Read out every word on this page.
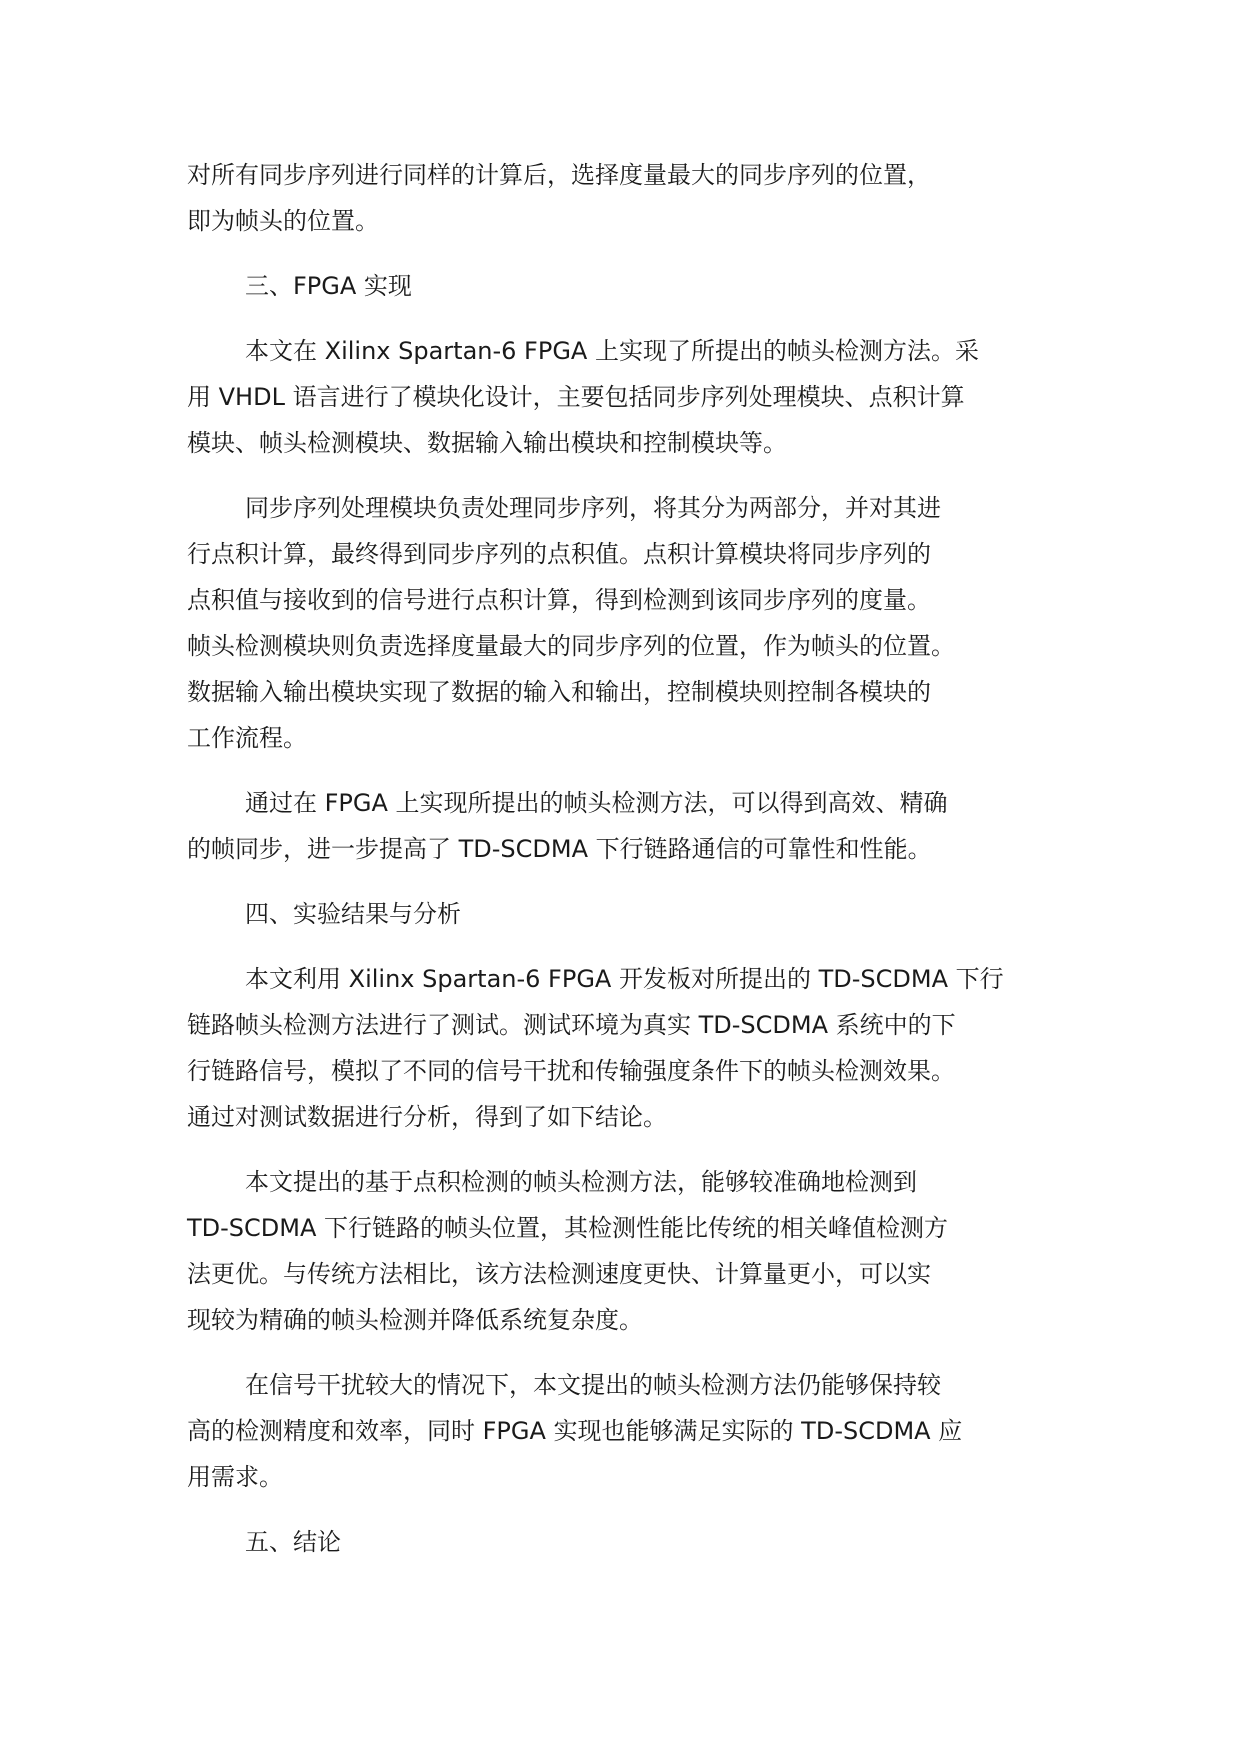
对所有同步序列进行同样的计算后，选择度量最大的同步序列的位置，
即为帧头的位置。
三、FPGA 实现
本文在 Xilinx Spartan-6 FPGA 上实现了所提出的帧头检测方法。采
用 VHDL 语言进行了模块化设计，主要包括同步序列处理模块、点积计算
模块、帧头检测模块、数据输入输出模块和控制模块等。
同步序列处理模块负责处理同步序列，将其分为两部分，并对其进
行点积计算，最终得到同步序列的点积值。点积计算模块将同步序列的
点积值与接收到的信号进行点积计算，得到检测到该同步序列的度量。
帧头检测模块则负责选择度量最大的同步序列的位置，作为帧头的位置。
数据输入输出模块实现了数据的输入和输出，控制模块则控制各模块的
工作流程。
通过在 FPGA 上实现所提出的帧头检测方法，可以得到高效、精确
的帧同步，进一步提高了 TD-SCDMA 下行链路通信的可靠性和性能。
四、实验结果与分析
本文利用 Xilinx Spartan-6 FPGA 开发板对所提出的 TD-SCDMA 下行
链路帧头检测方法进行了测试。测试环境为真实 TD-SCDMA 系统中的下
行链路信号，模拟了不同的信号干扰和传输强度条件下的帧头检测效果。
通过对测试数据进行分析，得到了如下结论。
本文提出的基于点积检测的帧头检测方法，能够较准确地检测到
TD-SCDMA 下行链路的帧头位置，其检测性能比传统的相关峰值检测方
法更优。与传统方法相比，该方法检测速度更快、计算量更小，可以实
现较为精确的帧头检测并降低系统复杂度。
在信号干扰较大的情况下，本文提出的帧头检测方法仍能够保持较
高的检测精度和效率，同时 FPGA 实现也能够满足实际的 TD-SCDMA 应
用需求。
五、结论
